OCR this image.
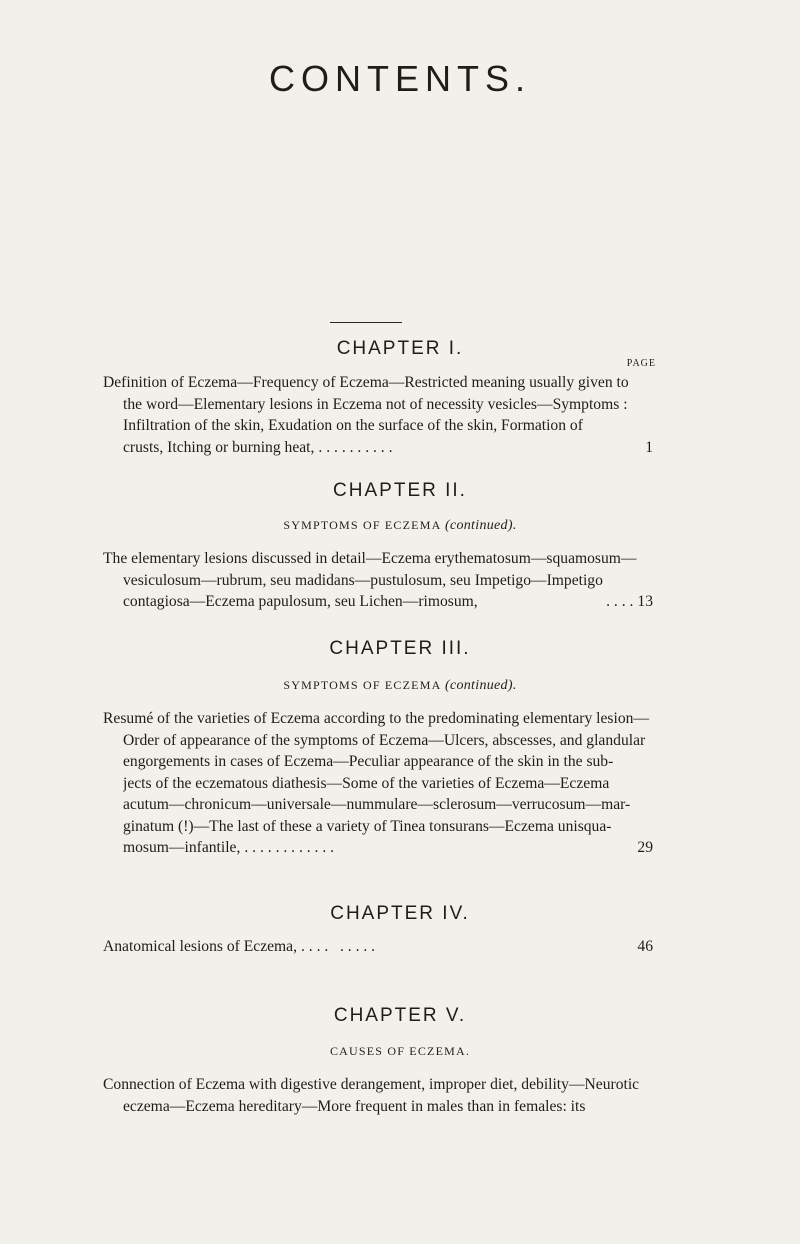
CONTENTS.
CHAPTER I.
PAGE
Definition of Eczema—Frequency of Eczema—Restricted meaning usually given to
the word—Elementary lesions in Eczema not of necessity vesicles—Symptoms :
Infiltration of the skin, Exudation on the surface of the skin, Formation of
crusts, Itching or burning heat, . . . . . . . . . .	1
CHAPTER II.
SYMPTOMS OF ECZEMA (continued).
The elementary lesions discussed in detail—Eczema erythematosum—squamosum—
vesiculosum—rubrum, seu madidans—pustulosum, seu Impetigo—Impetigo
contagiosa—Eczema papulosum, seu Lichen—rimosum,	. . . . 13
CHAPTER III.
SYMPTOMS OF ECZEMA (continued).
Resumé of the varieties of Eczema according to the predominating elementary lesion—
Order of appearance of the symptoms of Eczema—Ulcers, abscesses, and glandular
engorgements in cases of Eczema—Peculiar appearance of the skin in the sub-
jects of the eczematous diathesis—Some of the varieties of Eczema—Eczema
acutum—chronicum—universale—nummulare—sclerosum—verrucosum—mar-
ginatum (!)—The last of these a variety of Tinea tonsurans—Eczema unisqua-
mosum—infantile, . . . . . . . . . . . .	29
CHAPTER IV.
Anatomical lesions of Eczema, . . . .   . . . . .	46
CHAPTER V.
CAUSES OF ECZEMA.
Connection of Eczema with digestive derangement, improper diet, debility—Neurotic
eczema—Eczema hereditary—More frequent in males than in females: its
